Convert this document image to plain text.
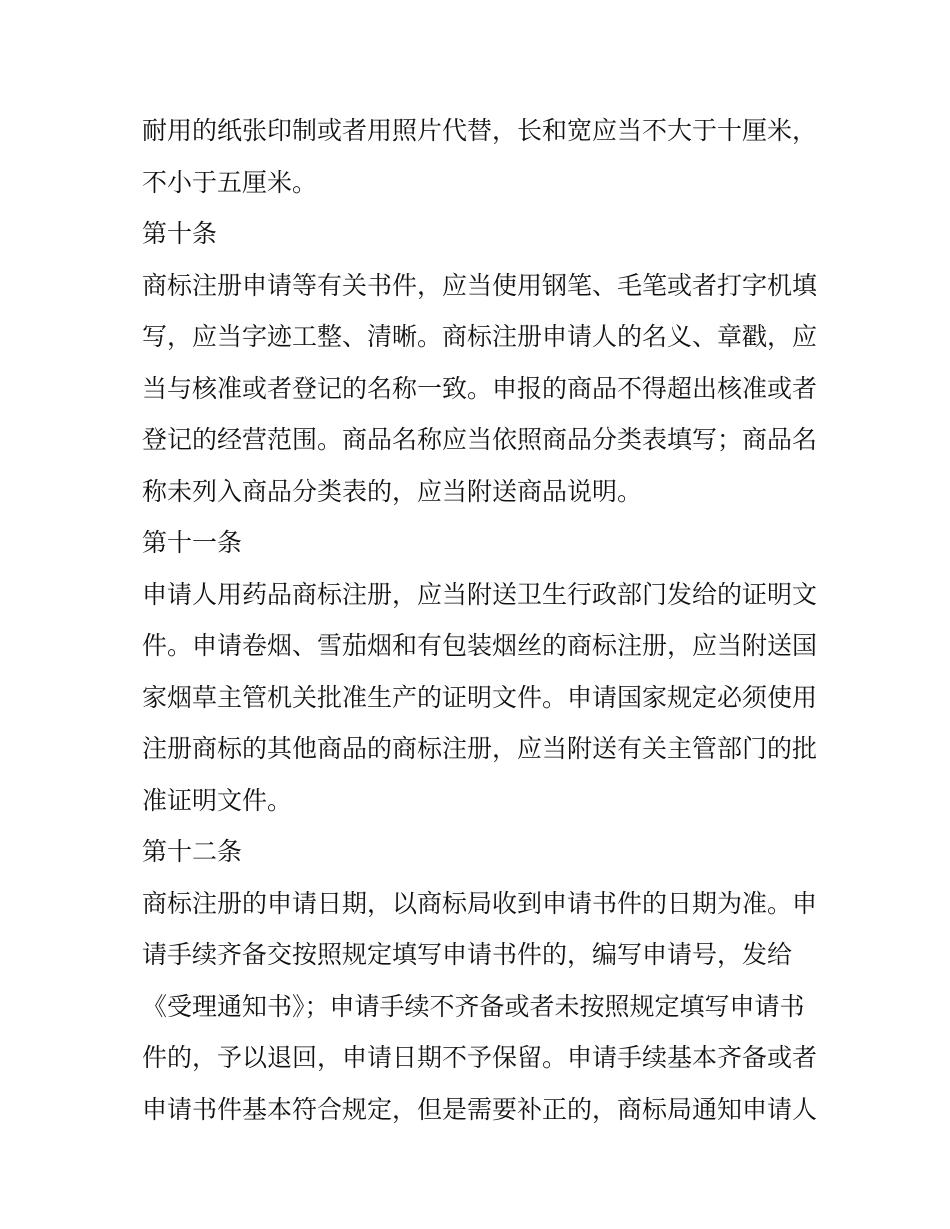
耐用的纸张印制或者用照片代替，长和宽应当不大于十厘米，
不小于五厘米。
第十条
商标注册申请等有关书件，应当使用钢笔、毛笔或者打字机填
写，应当字迹工整、清晰。商标注册申请人的名义、章戳，应
当与核准或者登记的名称一致。申报的商品不得超出核准或者
登记的经营范围。商品名称应当依照商品分类表填写；商品名
称未列入商品分类表的，应当附送商品说明。
第十一条
申请人用药品商标注册，应当附送卫生行政部门发给的证明文
件。申请卷烟、雪茄烟和有包装烟丝的商标注册，应当附送国
家烟草主管机关批准生产的证明文件。申请国家规定必须使用
注册商标的其他商品的商标注册，应当附送有关主管部门的批
准证明文件。
第十二条
商标注册的申请日期，以商标局收到申请书件的日期为准。申
请手续齐备交按照规定填写申请书件的，编写申请号，发给
《受理通知书》；申请手续不齐备或者未按照规定填写申请书
件的，予以退回，申请日期不予保留。申请手续基本齐备或者
申请书件基本符合规定，但是需要补正的，商标局通知申请人
